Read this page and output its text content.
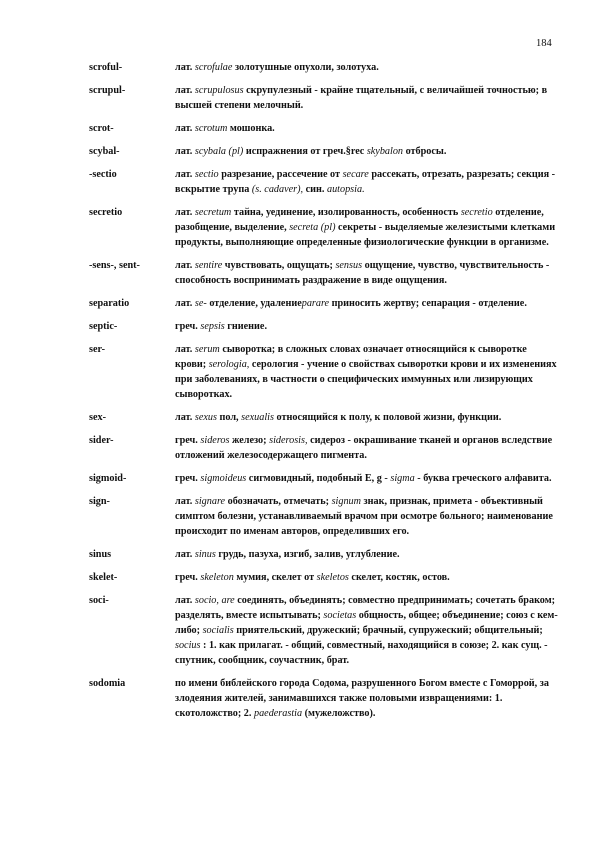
184
scroful-	лат. scrofulae золотушные опухоли, золотуха.
scrupul-	лат. scrupulosus скрупулезный - крайне тщательный, с величайшей точностью; в высшей степени мелочный.
scrot-	лат. scrotum мошонка.
scybal-	лат. scybala (pl) испражнения от греч.§rec skybalon отбросы.
-sectio	лат. sectio разрезание, рассечение от secare рассекать, отрезать, разрезать; секция - вскрытие трупа (s. cadaver), син. autopsia.
secretio	лат. secretum тайна, уединение, изолированность, особенность secretio отделение, разобщение, выделение, secreta (pl) секреты - выделяемые железистыми клетками продукты, выполняющие определенные физиологические функции в организме.
-sens-, sent-	лат. sentire чувствовать, ощущать; sensus ощущение, чувство, чувствительность - способность воспринимать раздражение в виде ощущения.
separatio	лат. se- отделение, удалениеparare приносить жертву; сепарация - отделение.
septic-	греч. sepsis гниение.
ser-	лат. serum сыворотка; в сложных словах означает относящийся к сыворотке крови; serologia, серология - учение о свойствах сыворотки крови и их изменениях при заболеваниях, в частности о специфических иммунных или лизирующих сыворотках.
sex-	лат. sexus пол, sexualis относящийся к полу, к половой жизни, функции.
sider-	греч. sideros железо; siderosis, сидероз - окрашивание тканей и органов вследствие отложений железосодержащего пигмента.
sigmoid-	греч. sigmoideus сигмовидный, подобный Е, g - sigma - буква греческого алфавита.
sign-	лат. signare обозначать, отмечать; signum знак, признак, примета - объективный симптом болезни, устанавливаемый врачом при осмотре больного; наименование происходит по именам авторов, определивших его.
sinus	лат. sinus грудь, пазуха, изгиб, залив, углубление.
skelet-	греч. skeleton мумия, скелет от skeletos скелет, костяк, остов.
soci-	лат. socio, are соединять, объединять; совместно предпринимать; сочетать браком; разделять, вместе испытывать; societas общность, общее; объединение; союз с кем-либо; socialis приятельский, дружеский; брачный, супружеский; общительный; socius : 1. как прилагат. - общий, совместный, находящийся в союзе; 2. как сущ. - спутник, сообщник, соучастник, брат.
sodomia	по имени библейского города Содома, разрушенного Богом вместе с Гоморрой, за злодеяния жителей, занимавшихся также половыми извращениями: 1. скотоложство; 2. paederastia (мужеложство).
